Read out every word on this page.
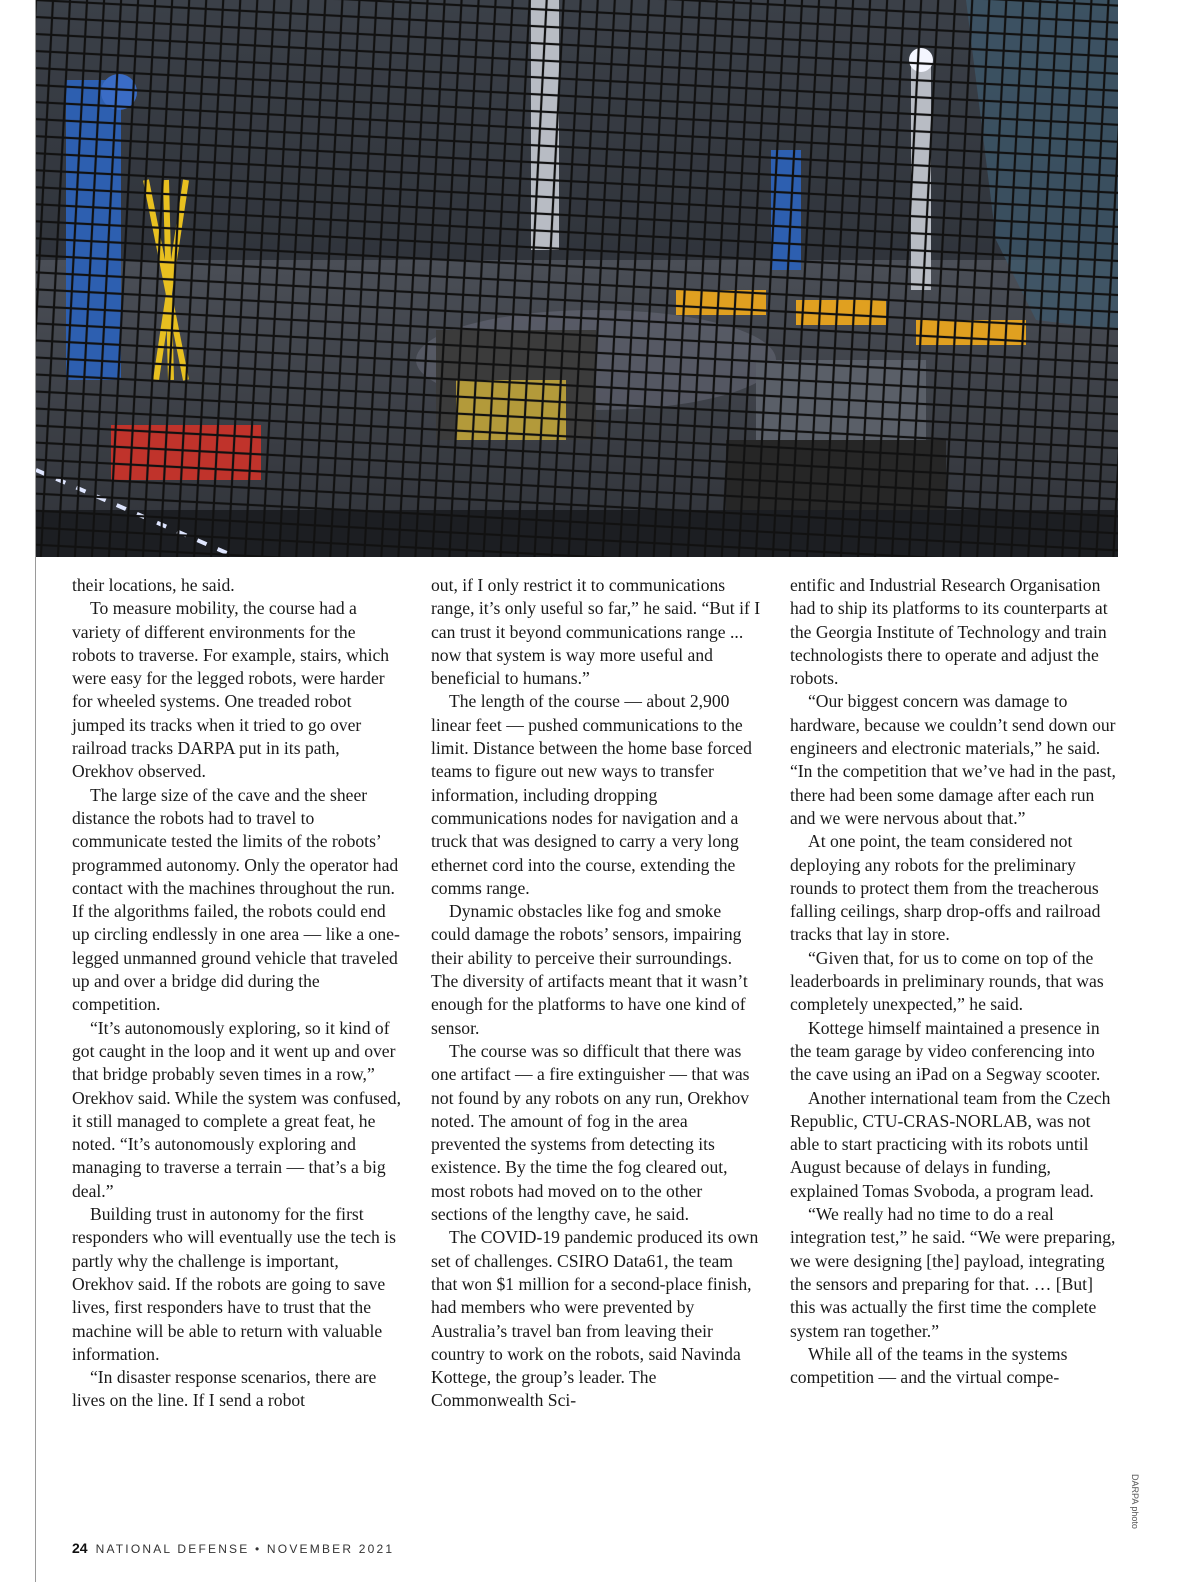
DARPA photo

their locations, he said.

To measure mobility, the course had a variety of different environments for the robots to traverse. For example, stairs, which were easy for the legged robots, were harder for wheeled systems. One treaded robot jumped its tracks when it tried to go over railroad tracks DARPA put in its path, Orekhov observed.

The large size of the cave and the sheer distance the robots had to travel to communicate tested the limits of the robots’ programmed autonomy. Only the operator had contact with the machines throughout the run. If the algorithms failed, the robots could end up circling endlessly in one area — like a one-legged unmanned ground vehicle that traveled up and over a bridge did during the competition.

“It’s autonomously exploring, so it kind of got caught in the loop and it went up and over that bridge probably seven times in a row,” Orekhov said. While the system was confused, it still managed to complete a great feat, he noted. “It’s autonomously exploring and managing to traverse a terrain — that’s a big deal.”

Building trust in autonomy for the first responders who will eventually use the tech is partly why the challenge is important, Orekhov said. If the robots are going to save lives, first responders have to trust that the machine will be able to return with valuable information.

“In disaster response scenarios, there are lives on the line. If I send a robot

out, if I only restrict it to communications range, it’s only useful so far,” he said. “But if I can trust it beyond communications range ... now that system is way more useful and beneficial to humans.”

The length of the course — about 2,900 linear feet — pushed communications to the limit. Distance between the home base forced teams to figure out new ways to transfer information, including dropping communications nodes for navigation and a truck that was designed to carry a very long ethernet cord into the course, extending the comms range.

Dynamic obstacles like fog and smoke could damage the robots’ sensors, impairing their ability to perceive their surroundings. The diversity of artifacts meant that it wasn’t enough for the platforms to have one kind of sensor.

The course was so difficult that there was one artifact — a fire extinguisher — that was not found by any robots on any run, Orekhov noted. The amount of fog in the area prevented the systems from detecting its existence. By the time the fog cleared out, most robots had moved on to the other sections of the lengthy cave, he said.

The COVID-19 pandemic produced its own set of challenges. CSIRO Data61, the team that won $1 million for a second-place finish, had members who were prevented by Australia’s travel ban from leaving their country to work on the robots, said Navinda Kottege, the group’s leader. The Commonwealth Sci-

entific and Industrial Research Organisation had to ship its platforms to its counterparts at the Georgia Institute of Technology and train technologists there to operate and adjust the robots.

“Our biggest concern was damage to hardware, because we couldn’t send down our engineers and electronic materials,” he said. “In the competition that we’ve had in the past, there had been some damage after each run and we were nervous about that.”

At one point, the team considered not deploying any robots for the preliminary rounds to protect them from the treacherous falling ceilings, sharp drop-offs and railroad tracks that lay in store.

“Given that, for us to come on top of the leaderboards in preliminary rounds, that was completely unexpected,” he said.

Kottege himself maintained a presence in the team garage by video conferencing into the cave using an iPad on a Segway scooter.

Another international team from the Czech Republic, CTU-CRAS-NORLAB, was not able to start practicing with its robots until August because of delays in funding, explained Tomas Svoboda, a program lead.

“We really had no time to do a real integration test,” he said. “We were preparing, we were designing [the] payload, integrating the sensors and preparing for that. … [But] this was actually the first time the complete system ran together.”

While all of the teams in the systems competition — and the virtual compe-

24 NATIONAL DEFENSE • NOVEMBER 2021
